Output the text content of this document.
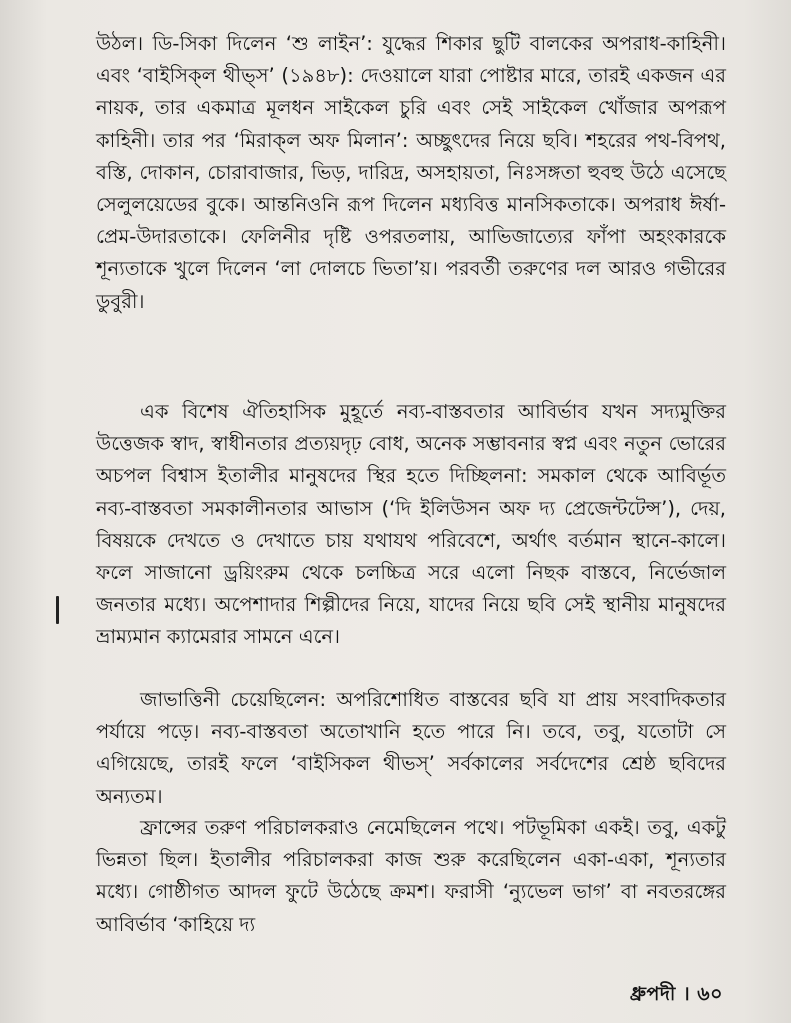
উঠল। ডি-সিকা দিলেন ‘শু লাইন’: যুদ্ধের শিকার ছুটি বালকের অপরাধ-কাহিনী। এবং ‘বাইসিক্‌ল থীভ্‌স’ (১৯৪৮): দেওয়ালে যারা পোষ্টার মারে, তারই একজন এর নায়ক, তার একমাত্র মূলধন সাইকেল চুরি এবং সেই সাইকেল খোঁজার অপরূপ কাহিনী। তার পর ‘মিরাক্‌ল অফ মিলান’: অচ্ছুৎদের নিয়ে ছবি। শহরের পথ-বিপথ, বস্তি, দোকান, চোরাবাজার, ভিড়, দারিদ্র, অসহায়তা, নিঃসঙ্গতা হুবহু উঠে এসেছে সেলুলয়েডের বুকে। আন্তনিওনি রূপ দিলেন মধ্যবিত্ত মানসিকতাকে। অপরাধ ঈর্ষা-প্রেম-উদারতাকে। ফেলিনীর দৃষ্টি ওপরতলায়, আভিজাত্যের ফাঁপা অহংকারকে শূন্যতাকে খুলে দিলেন ‘লা দোলচে ভিতা’য়। পরবর্তী তরুণের দল আরও গভীরের ডুবুরী।
এক বিশেষ ঐতিহাসিক মুহূর্তে নব্য-বাস্তবতার আবির্ভাব যখন সদ্যমুক্তির উত্তেজক স্বাদ, স্বাধীনতার প্রত্যয়দৃঢ় বোধ, অনেক সম্ভাবনার স্বপ্ন এবং নতুন ভোরের অচপল বিশ্বাস ইতালীর মানুষদের স্থির হতে দিচ্ছিলনা: সমকাল থেকে আবির্ভূত নব্য-বাস্তবতা সমকালীনতার আভাস (‘দি ইলিউসন অফ দ্য প্রেজেন্টটেন্স’), দেয়, বিষয়কে দেখতে ও দেখাতে চায় যথাযথ পরিবেশে, অর্থাৎ বর্তমান স্থানে-কালে। ফলে সাজানো ড্রয়িংরুম থেকে চলচ্চিত্র সরে এলো নিছক বাস্তবে, নির্ভেজাল জনতার মধ্যে। অপেশাদার শিল্পীদের নিয়ে, যাদের নিয়ে ছবি সেই স্থানীয় মানুষদের ভ্রাম্যমান ক্যামেরার সামনে এনে।
জাভাত্তিনী চেয়েছিলেন: অপরিশোধিত বাস্তবের ছবি যা প্রায় সংবাদিকতার পর্যায়ে পড়ে। নব্য-বাস্তবতা অতোখানি হতে পারে নি। তবে, তবু, যতোটা সে এগিয়েছে, তারই ফলে ‘বাইসিকল থীভস্‌’ সর্বকালের সর্বদেশের শ্রেষ্ঠ ছবিদের অন্যতম।
ফ্রান্সের তরুণ পরিচালকরাও নেমেছিলেন পথে। পটভূমিকা একই। তবু, একটু ভিন্নতা ছিল। ইতালীর পরিচালকরা কাজ শুরু করেছিলেন একা-একা, শূন্যতার মধ্যে। গোষ্ঠীগত আদল ফুটে উঠেছে ক্রমশ। ফরাসী ‘ন্যুভেল ভাগ’ বা নবতরঙ্গের আবির্ভাব ‘কাহিয়ে দ্য
ধ্রুপদী । ৬০
